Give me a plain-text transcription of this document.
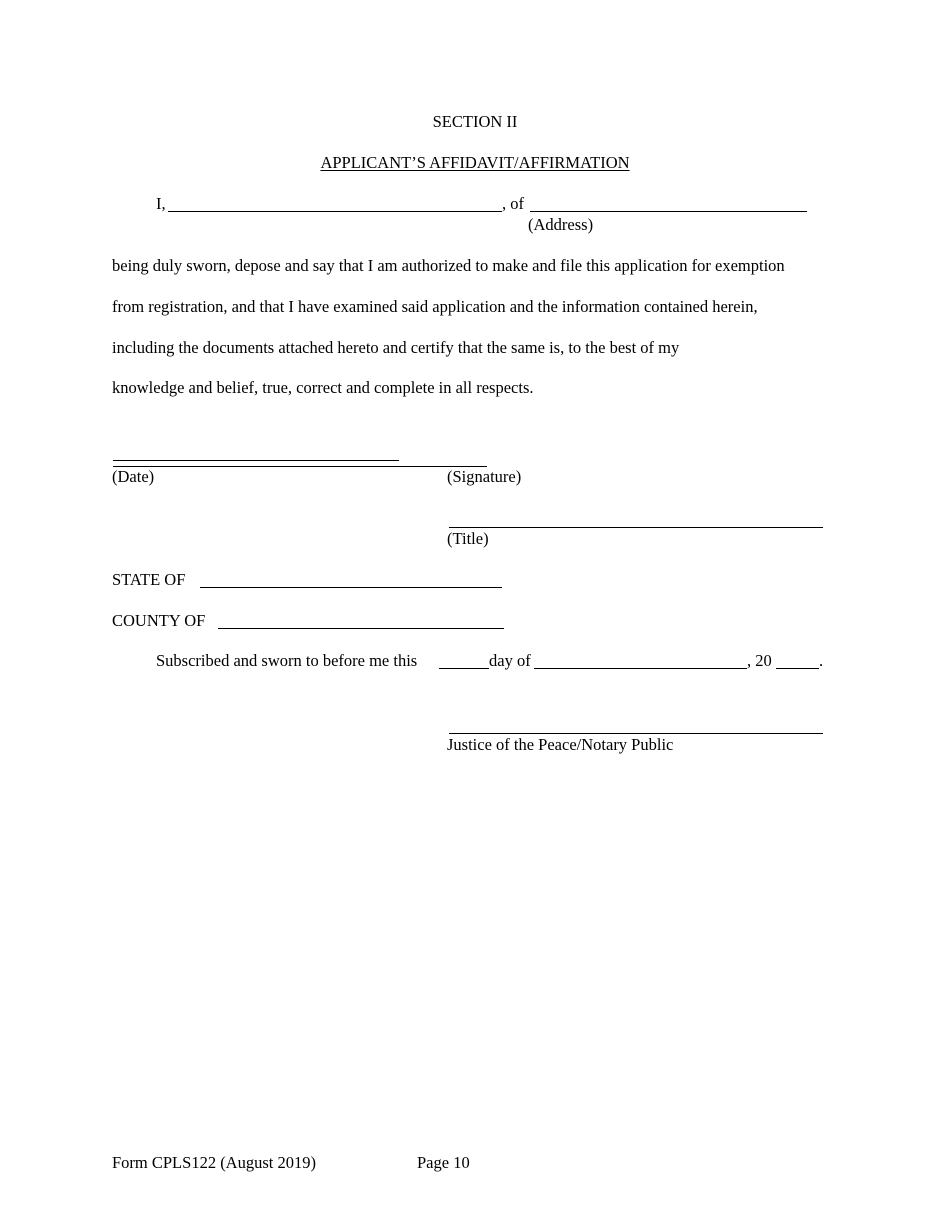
SECTION II
APPLICANT’S AFFIDAVIT/AFFIRMATION
I,	, of
(Address)
being duly sworn, depose and say that I am authorized to make and file this application for exemption
from registration, and that I have examined said application and the information contained herein,
including the documents attached hereto and certify that the same is, to the best of my
knowledge and belief, true, correct and complete in all respects.
(Date)	(Signature)
(Title)
STATE OF
COUNTY OF
Subscribed and sworn to before me this	day of	, 20	.
Justice of the Peace/Notary Public
Form CPLS122 (August 2019)	Page 10
